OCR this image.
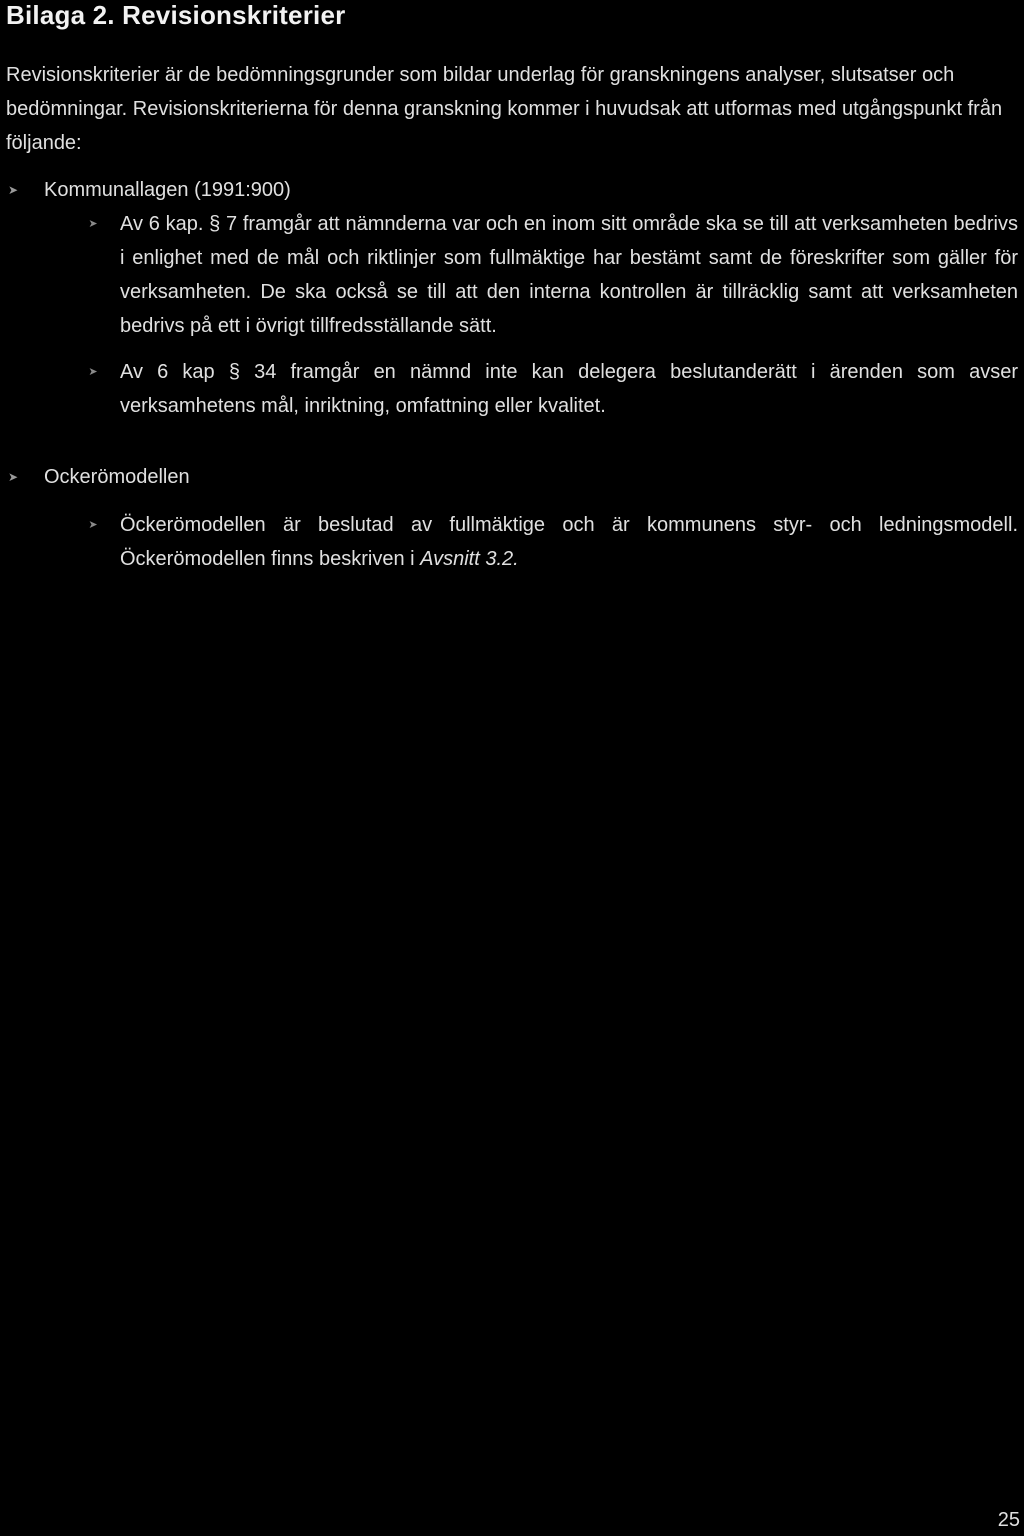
Bilaga 2. Revisionskriterier

Revisionskriterier är de bedömningsgrunder som bildar underlag för granskningens analyser, slutsatser och bedömningar. Revisionskriterierna för denna granskning kommer i huvudsak att utformas med utgångspunkt från följande:

➤ Kommunallagen (1991:900)
➤ Av 6 kap. § 7 framgår att nämnderna var och en inom sitt område ska se till att verksamheten bedrivs i enlighet med de mål och riktlinjer som fullmäktige har bestämt samt de föreskrifter som gäller för verksamheten. De ska också se till att den interna kontrollen är tillräcklig samt att verksamheten bedrivs på ett i övrigt tillfredsställande sätt.
➤ Av 6 kap § 34 framgår en nämnd inte kan delegera beslutanderätt i ärenden som avser verksamhetens mål, inriktning, omfattning eller kvalitet.
➤ Ockerömodellen
➤ Öckerömodellen är beslutad av fullmäktige och är kommunens styr- och ledningsmodell. Öckerömodellen finns beskriven i Avsnitt 3.2.

25
